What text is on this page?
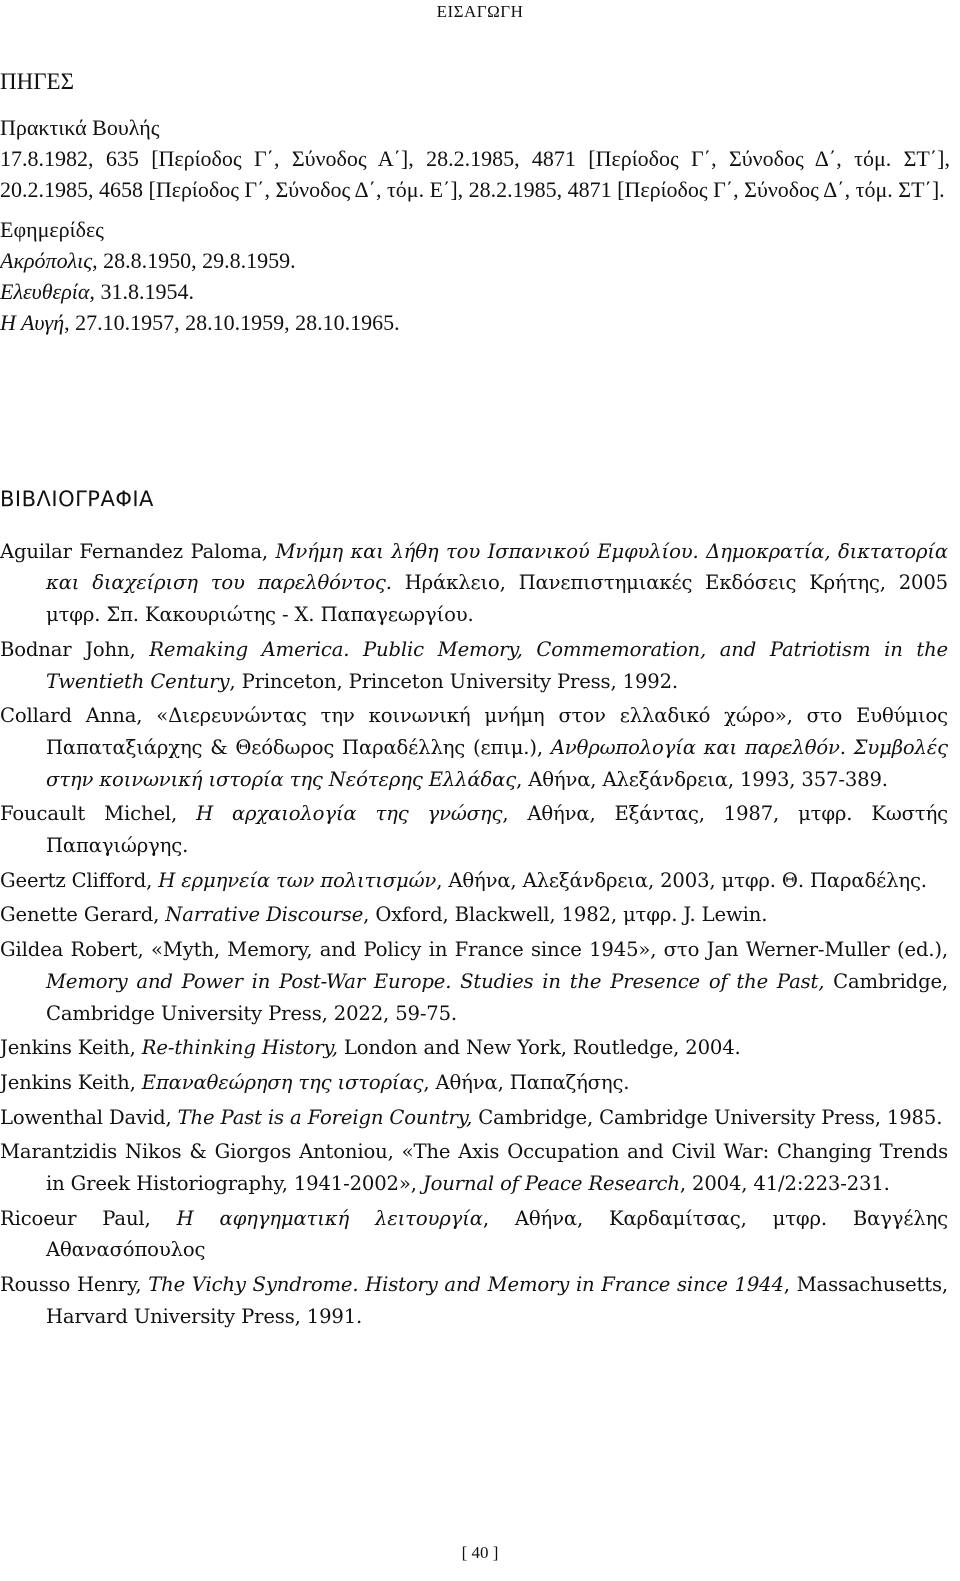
ΕΙΣΑΓΩΓΗ
ΠΗΓΕΣ
Πρακτικά Βουλής
17.8.1982, 635 [Περίοδος Γ΄, Σύνοδος Α΄], 28.2.1985, 4871 [Περίοδος Γ΄, Σύνοδος Δ΄, τόμ. ΣΤ΄], 20.2.1985, 4658 [Περίοδος Γ΄, Σύνοδος Δ΄, τόμ. Ε΄], 28.2.1985, 4871 [Περίοδος Γ΄, Σύνοδος Δ΄, τόμ. ΣΤ΄].
Εφημερίδες
Ακρόπολις, 28.8.1950, 29.8.1959.
Ελευθερία, 31.8.1954.
Η Αυγή, 27.10.1957, 28.10.1959, 28.10.1965.
ΒΙΒΛΙΟΓΡΑΦΙΑ
Aguilar Fernandez Paloma, Μνήμη και λήθη του Ισπανικού Εμφυλίου. Δημοκρατία, δικτατορία και διαχείριση του παρελθόντος. Ηράκλειο, Πανεπιστημιακές Εκδόσεις Κρήτης, 2005 μτφρ. Σπ. Κακουριώτης - Χ. Παπαγεωργίου.
Bodnar John, Remaking America. Public Memory, Commemoration, and Patriotism in the Twentieth Century, Princeton, Princeton University Press, 1992.
Collard Anna, «Διερευνώντας την κοινωνική μνήμη στον ελλαδικό χώρο», στο Ευθύμιος Παπαταξιάρχης & Θεόδωρος Παραδέλλης (επιμ.), Ανθρωπολογία και παρελθόν. Συμβολές στην κοινωνική ιστορία της Νεότερης Ελλάδας, Αθήνα, Αλεξάνδρεια, 1993, 357-389.
Foucault Michel, Η αρχαιολογία της γνώσης, Αθήνα, Εξάντας, 1987, μτφρ. Κωστής Παπαγιώργης.
Geertz Clifford, Η ερμηνεία των πολιτισμών, Αθήνα, Αλεξάνδρεια, 2003, μτφρ. Θ. Παραδέλης.
Genette Gerard, Narrative Discourse, Oxford, Blackwell, 1982, μτφρ. J. Lewin.
Gildea Robert, «Myth, Memory, and Policy in France since 1945», στο Jan Werner-Muller (ed.), Memory and Power in Post-War Europe. Studies in the Presence of the Past, Cambridge, Cambridge University Press, 2022, 59-75.
Jenkins Keith, Re-thinking History, London and New York, Routledge, 2004.
Jenkins Keith, Επαναθεώρηση της ιστορίας, Αθήνα, Παπαζήσης.
Lowenthal David, The Past is a Foreign Country, Cambridge, Cambridge University Press, 1985.
Marantzidis Nikos & Giorgos Antoniou, «The Axis Occupation and Civil War: Changing Trends in Greek Historiography, 1941-2002», Journal of Peace Research, 2004, 41/2:223-231.
Ricoeur Paul, Η αφηγηματική λειτουργία, Αθήνα, Καρδαμίτσας, μτφρ. Βαγγέλης Αθανασόπουλος
Rousso Henry, The Vichy Syndrome. History and Memory in France since 1944, Massachusetts, Harvard University Press, 1991.
[ 40 ]
